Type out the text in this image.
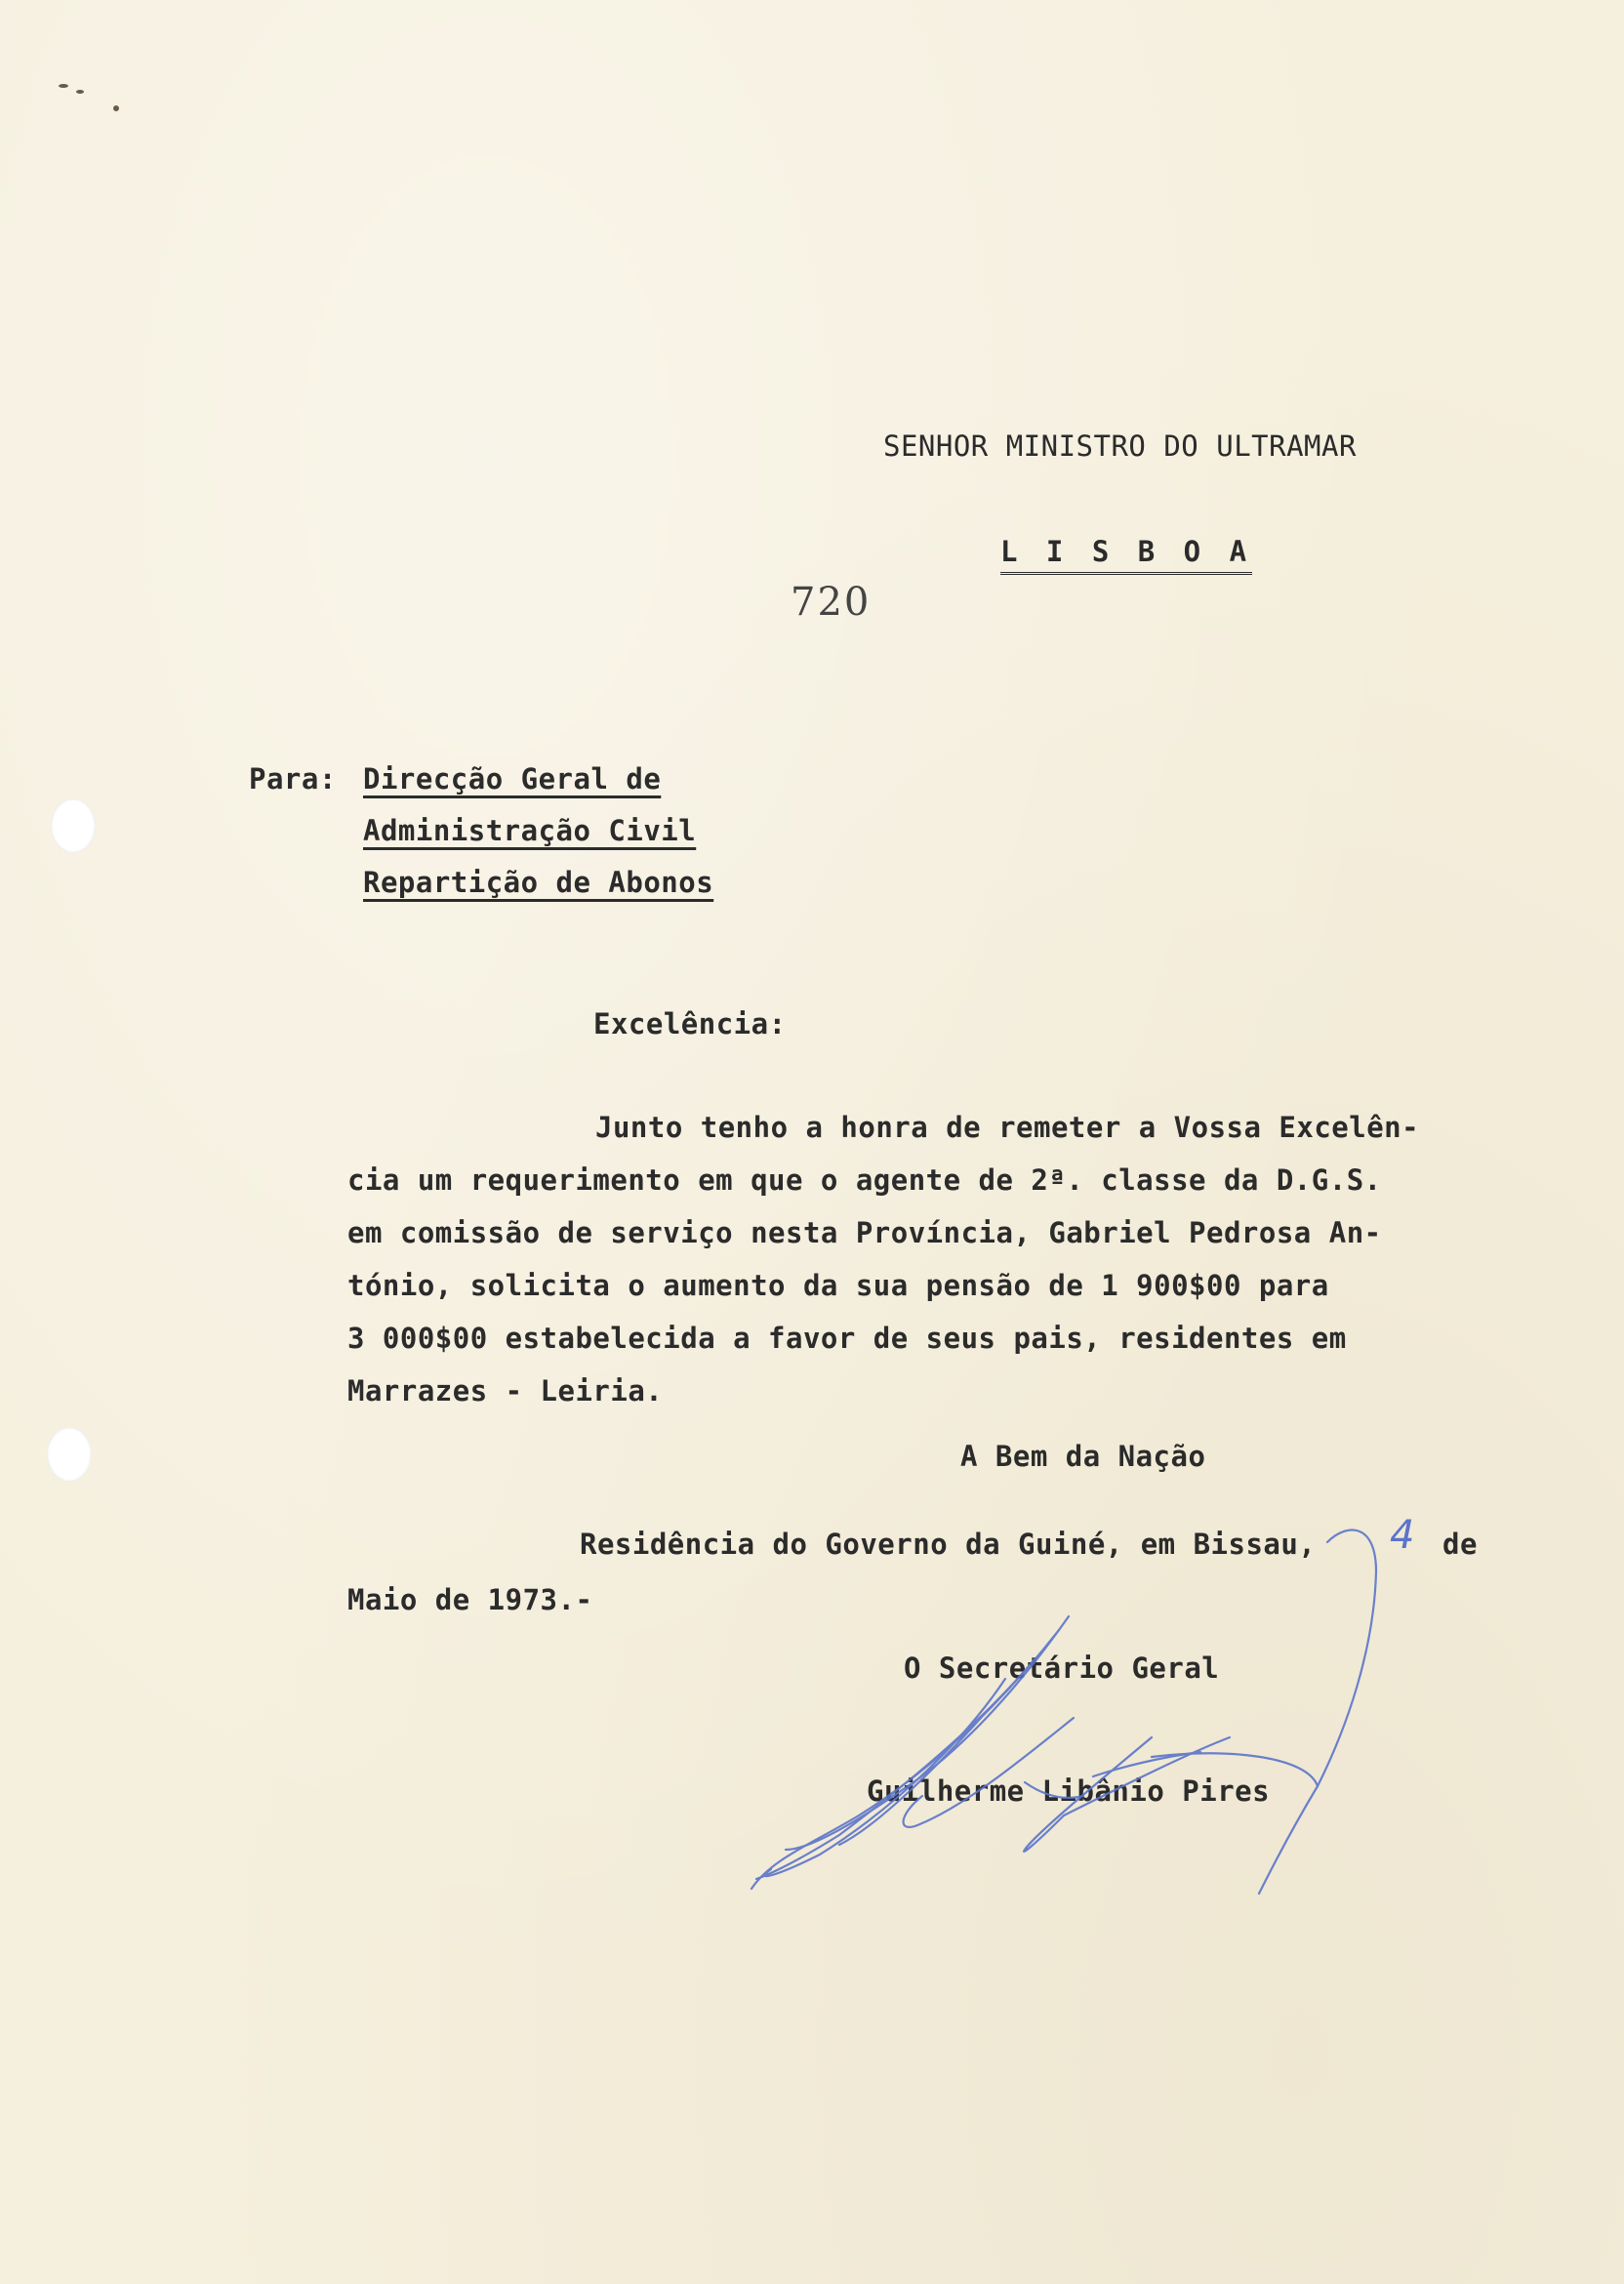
SENHOR MINISTRO DO ULTRAMAR
L I S B O A
720
Para: Direcção Geral de
Administração Civil
Repartição de Abonos
Excelência:
Junto tenho a honra de remeter a Vossa Excelên-
cia um requerimento em que o agente de 2ª. classe da D.G.S.
em comissão de serviço nesta Província, Gabriel Pedrosa An-
tónio, solicita o aumento da sua pensão de 1 900$00 para
3 000$00 estabelecida a favor de seus pais, residentes em
Marrazes - Leiria.
A Bem da Nação
Residência do Governo da Guiné, em Bissau, 4 de
Maio de 1973.-
O Secretário Geral
Guilherme Libânio Pires
